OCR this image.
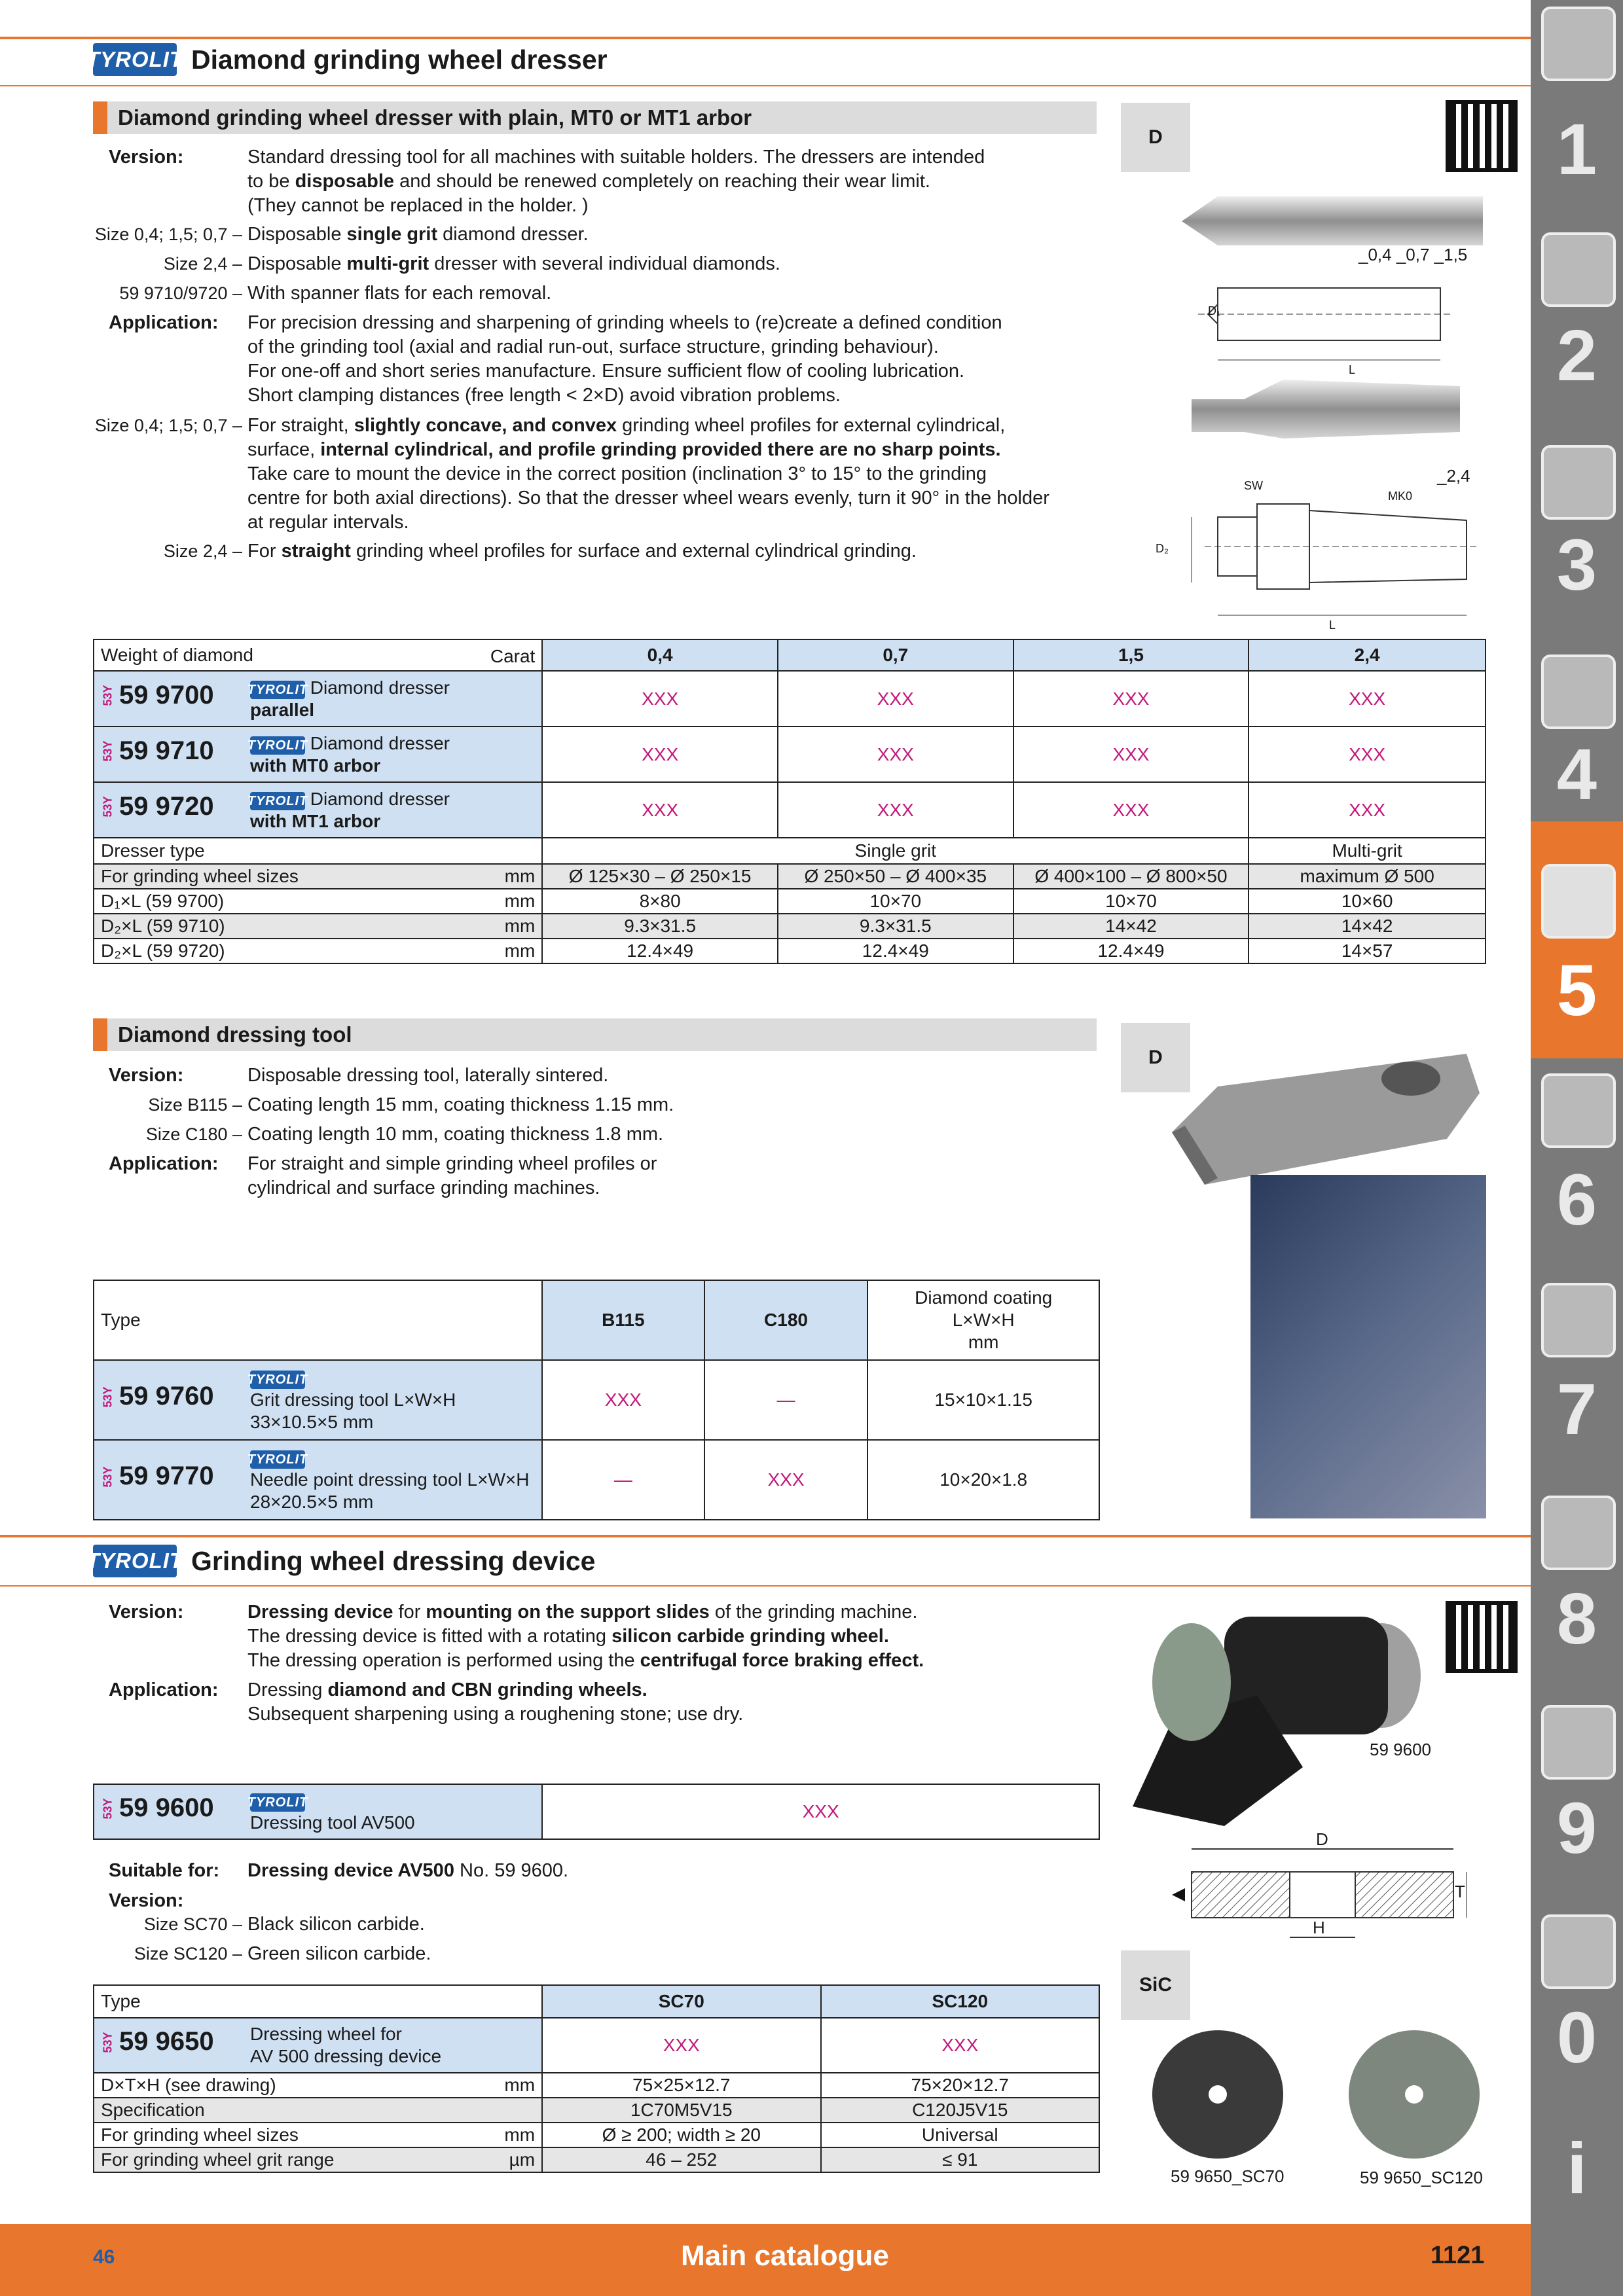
TYROLIT Diamond grinding wheel dresser
Diamond grinding wheel dresser with plain, MT0 or MT1 arbor
Version:	Standard dressing tool for all machines with suitable holders. The dressers are intended
to be disposable and should be renewed completely on reaching their wear limit.
(They cannot be replaced in the holder. )
Size 0,4; 1,5; 0,7 – Disposable single grit diamond dresser.
Size 2,4 – Disposable multi-grit dresser with several individual diamonds.
59 9710/9720 – With spanner flats for each removal.
Application: For precision dressing and sharpening of grinding wheels to (re)create a defined condition
of the grinding tool (axial and radial run-out, surface structure, grinding behaviour).
For one-off and short series manufacture. Ensure sufficient flow of cooling lubrication.
Short clamping distances (free length < 2×D) avoid vibration problems.
Size 0,4; 1,5; 0,7 – For straight, slightly concave, and convex grinding wheel profiles for external cylindrical,
surface, internal cylindrical, and profile grinding provided there are no sharp points.
Take care to mount the device in the correct position (inclination 3° to 15° to the grinding
centre for both axial directions). So that the dresser wheel wears evenly, turn it 90° in the holder
at regular intervals.
Size 2,4 – For straight grinding wheel profiles for surface and external cylindrical grinding.
D
_0,4 _0,7 _1,5
D₁
L
_2,4
SW
MK0
D₂
L
Weight of diamond Carat	0,4	0,7	1,5	2,4
53Y 59 9700 TYROLIT Diamond dresser
parallel	XXX	XXX	XXX	XXX
53Y 59 9710 TYROLIT Diamond dresser
with MT0 arbor	XXX	XXX	XXX	XXX
53Y 59 9720 TYROLIT Diamond dresser
with MT1 arbor	XXX	XXX	XXX	XXX
Dresser type	Single grit			Multi-grit
For grinding wheel sizes mm	Ø 125×30 – Ø 250×15	Ø 250×50 – Ø 400×35	Ø 400×100 – Ø 800×50	maximum Ø 500
D₁×L (59 9700) mm	8×80	10×70	10×70	10×60
D₂×L (59 9710) mm	9.3×31.5	9.3×31.5	14×42	14×42
D₂×L (59 9720) mm	12.4×49	12.4×49	12.4×49	14×57
Diamond dressing tool
Version:	Disposable dressing tool, laterally sintered.
Size B115 – Coating length 15 mm, coating thickness 1.15 mm.
Size C180 – Coating length 10 mm, coating thickness 1.8 mm.
Application: For straight and simple grinding wheel profiles or
cylindrical and surface grinding machines.
D
Type	B115	C180	Diamond coating
L×W×H
mm
53Y 59 9760TYROLIT
Grit dressing tool L×W×H
33×10.5×5 mm	XXX	—	15×10×1.15
53Y 59 9770TYROLIT
Needle point dressing tool L×W×H
28×20.5×5 mm	—	XXX	10×20×1.8
TYROLIT Grinding wheel dressing device
Version:	Dressing device for mounting on the support slides of the grinding machine.
The dressing device is fitted with a rotating silicon carbide grinding wheel.
The dressing operation is performed using the centrifugal force braking effect.
Application: Dressing diamond and CBN grinding wheels.
Subsequent sharpening using a roughening stone; use dry.
59 9600
53Y 59 9600	TYROLIT
Dressing tool AV500	XXX
Suitable for: Dressing device AV500 No. 59 9600.
Version:
Size SC70 – Black silicon carbide.
Size SC120 – Green silicon carbide.
D
T
H
SiC
59 9650_SC70	59 9650_SC120
Type	SC70	SC120
53Y 59 9650 Dressing wheel for
AV 500 dressing device	XXX	XXX
D×T×H (see drawing) mm	75×25×12.7	75×20×12.7
Specification	1C70M5V15	C120J5V15
For grinding wheel sizes mm	Ø ≥ 200; width ≥ 20	Universal
For grinding wheel grit range µm	46 – 252	≤ 91
1
2
3
4
5
6
7
8
9
0
i
46	Main catalogue	1121
